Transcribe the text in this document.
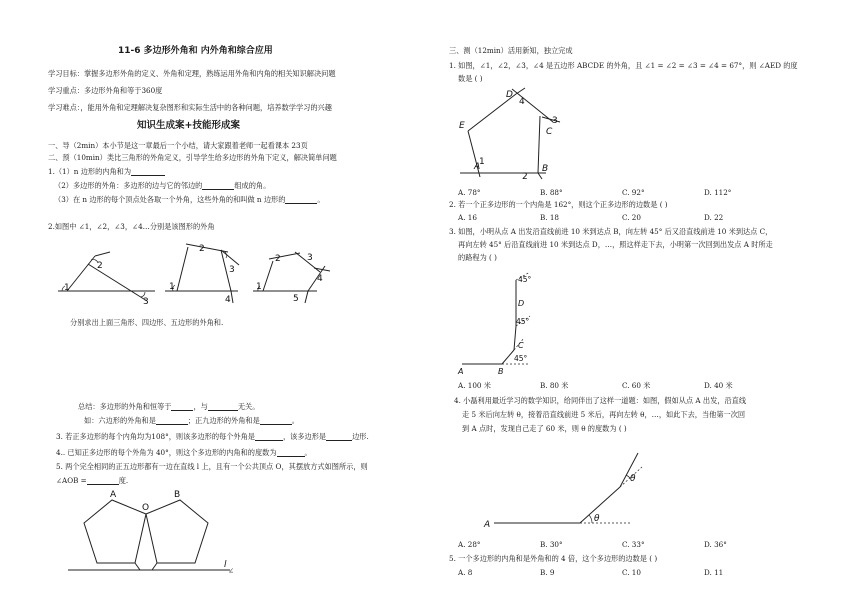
11-6 多边形外角和 内外角和综合应用
学习目标：掌握多边形外角的定义、外角和定理，熟练运用外角和内角的相关知识解决问题
学习重点：多边形外角和等于360度
学习难点：，能用外角和定理解决复杂图形和实际生活中的各种问题，培养数学学习的兴趣
知识生成案+技能形成案
一、导（2min）本小节是这一章最后一个小结，请大家跟着老师一起看课本 23页
二、预（10min）类比三角形的外角定义，引导学生给多边形的外角下定义，解决简单问题
1.（1）n 边形的内角和为
（2）多边形的外角：多边形的边与它的邻边的	组成的角。
（3）在 n 边形的每个顶点处各取一个外角，这些外角的和叫做 n 边形的	。
2.如图中 ∠1，∠2，∠3，∠4…分别是该图形的外角
1
2
3
1
2
3
4
1
2	3
4
5
分别求出上面三角形、四边形、五边形的外角和.
总结：多边形的外角和恒等于	，与	无关。
如：六边形的外角和是	；正九边形的外角和是	。
3. 若正多边形的每个内角均为108°，则该多边形的每个外角是	，该多边形是	边形.
4.. 已知正多边形的每个外角为 40°，则这个多边形的内角和的度数为	。
5. 两个完全相同的正五边形都有一边在直线 l 上，且有一个公共顶点 O，其摆放方式如图所示，则
∠AOB =	度.
A
O
B
l
∠
三、测（12min）活用新知，独立完成
1. 如图，∠1，∠2，∠3，∠4 是五边形 ABCDE 的外角，且 ∠1 = ∠2 = ∠3 = ∠4 = 67°，则 ∠AED 的度
数是 ( )
A	B
C
D
E
1
2
3
4
A. 78°	B. 88°	C. 92°	D. 112°
2. 若一个正多边形的一个内角是 162°，则这个正多边形的边数是 ( )
A. 16	B. 18	C. 20	D. 22
3. 如图，小明从点 A 出发沿直线前进 10 米到达点 B，向左转 45° 后又沿直线前进 10 米到达点 C，
再向左转 45° 后沿直线前进 10 米到达点 D，…，照这样走下去，小明第一次回到出发点 A 时所走
的路程为 ( )
A	B
C
D
45°
45°
45°
A. 100 米	B. 80 米	C. 60 米	D. 40 米
4. 小磊利用最近学习的数学知识，给同伴出了这样一道题：如图，假如从点 A 出发，沿直线
走 5 米后向左转 θ，接着沿直线前进 5 米后，再向左转 θ，…，如此下去，当他第一次回
到 A 点时，发现自己走了 60 米，则 θ 的度数为 ( )
A
θ
θ
A. 28°	B. 30°	C. 33°	D. 36°
5. 一个多边形的内角和是外角和的 4 倍，这个多边形的边数是 ( )
A. 8	B. 9	C. 10	D. 11
